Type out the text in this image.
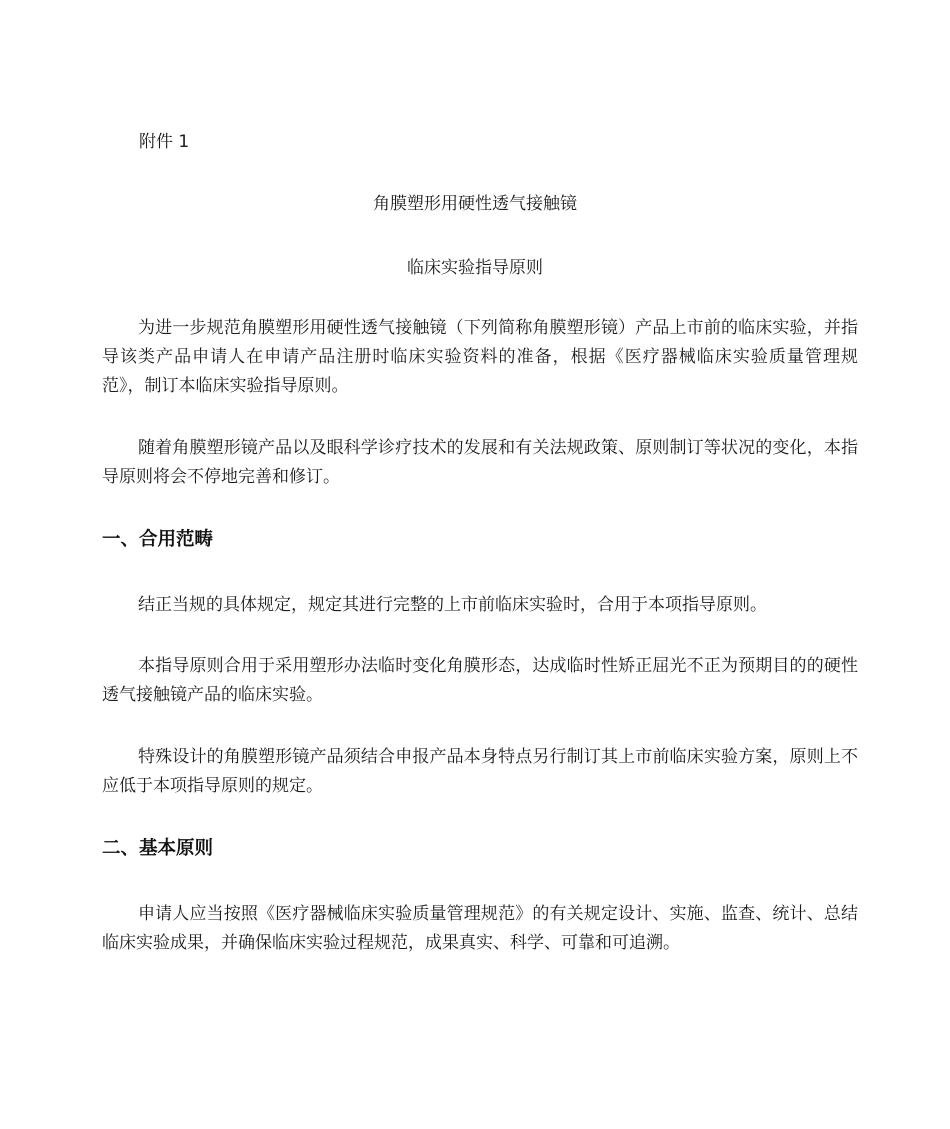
附件 1

角膜塑形用硬性透气接触镜
临床实验指导原则

为进一步规范角膜塑形用硬性透气接触镜（下列简称角膜塑形镜）产品上市前的临床实验，并指导该类产品申请人在申请产品注册时临床实验资料的准备，根据《医疗器械临床实验质量管理规范》，制订本临床实验指导原则。

随着角膜塑形镜产品以及眼科学诊疗技术的发展和有关法规政策、原则制订等状况的变化，本指导原则将会不停地完善和修订。

一、合用范畴

结正当规的具体规定，规定其进行完整的上市前临床实验时，合用于本项指导原则。

本指导原则合用于采用塑形办法临时变化角膜形态，达成临时性矫正屈光不正为预期目的的硬性透气接触镜产品的临床实验。

特殊设计的角膜塑形镜产品须结合申报产品本身特点另行制订其上市前临床实验方案，原则上不应低于本项指导原则的规定。

二、基本原则

申请人应当按照《医疗器械临床实验质量管理规范》的有关规定设计、实施、监查、统计、总结临床实验成果，并确保临床实验过程规范，成果真实、科学、可靠和可追溯。
